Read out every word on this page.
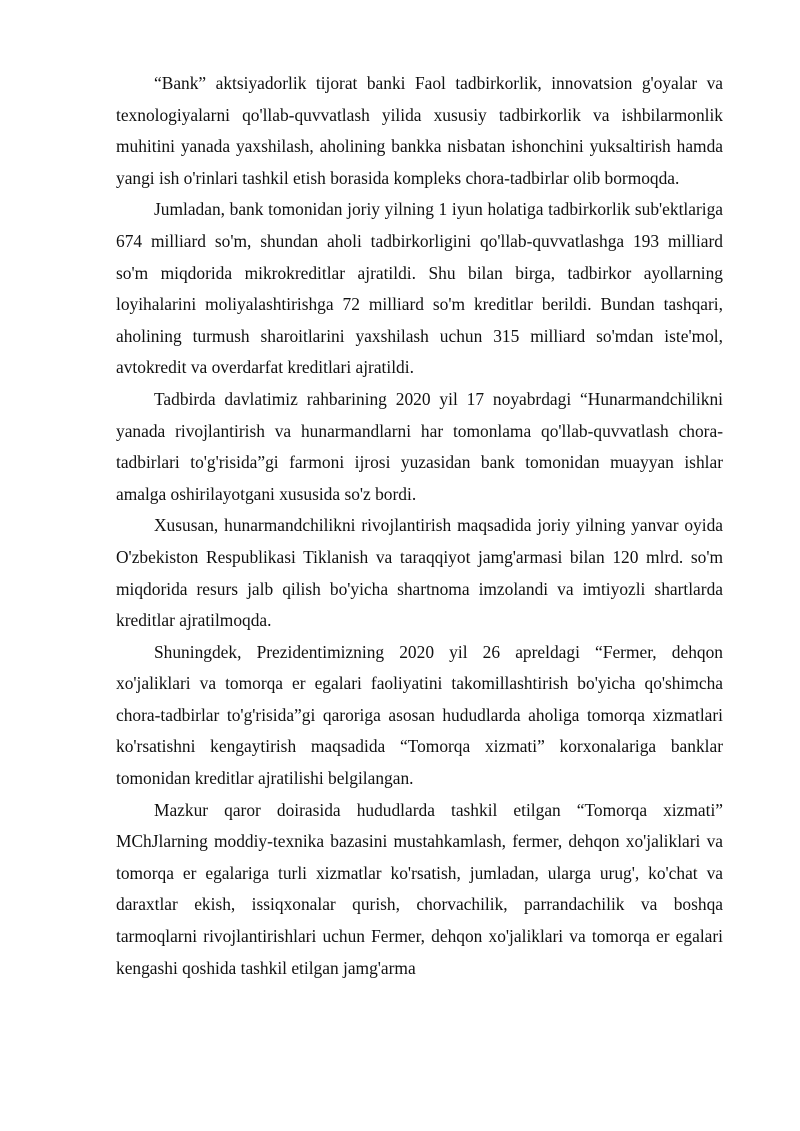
“Bank” aktsiyadorlik tijorat banki Faol tadbirkorlik, innovatsion g'oyalar va texnologiyalarni qo'llab-quvvatlash yilida xususiy tadbirkorlik va ishbilarmonlik muhitini yanada yaxshilash, aholining bankka nisbatan ishonchini yuksaltirish hamda yangi ish o'rinlari tashkil etish borasida kompleks chora-tadbirlar olib bormoqda.

Jumladan, bank tomonidan joriy yilning 1 iyun holatiga tadbirkorlik sub'ektlariga 674 milliard so'm, shundan aholi tadbirkorligini qo'llab-quvvatlashga 193 milliard so'm miqdorida mikrokreditlar ajratildi. Shu bilan birga, tadbirkor ayollarning loyihalarini moliyalashtirishga 72 milliard so'm kreditlar berildi. Bundan tashqari, aholining turmush sharoitlarini yaxshilash uchun 315 milliard so'mdan iste'mol, avtokredit va overdarfat kreditlari ajratildi.

Tadbirda davlatimiz rahbarining 2020 yil 17 noyabrdagi “Hunarmandchilikni yanada rivojlantirish va hunarmandlarni har tomonlama qo'llab-quvvatlash chora-tadbirlari to'g'risida”gi farmoni ijrosi yuzasidan bank tomonidan muayyan ishlar amalga oshirilayotgani xususida so'z bordi.

Xususan, hunarmandchilikni rivojlantirish maqsadida joriy yilning yanvar oyida O'zbekiston Respublikasi Tiklanish va taraqqiyot jamg'armasi bilan 120 mlrd. so'm miqdorida resurs jalb qilish bo'yicha shartnoma imzolandi va imtiyozli shartlarda kreditlar ajratilmoqda.

Shuningdek, Prezidentimizning 2020 yil 26 apreldagi “Fermer, dehqon xo'jaliklari va tomorqa er egalari faoliyatini takomillashtirish bo'yicha qo'shimcha chora-tadbirlar to'g'risida”gi qaroriga asosan hududlarda aholiga tomorqa xizmatlari ko'rsatishni kengaytirish maqsadida “Tomorqa xizmati” korxonalariga banklar tomonidan kreditlar ajratilishi belgilangan.

Mazkur qaror doirasida hududlarda tashkil etilgan “Tomorqa xizmati” MChJlarning moddiy-texnika bazasini mustahkamlash, fermer, dehqon xo'jaliklari va tomorqa er egalariga turli xizmatlar ko'rsatish, jumladan, ularga urug', ko'chat va daraxtlar ekish, issiqxonalar qurish, chorvachilik, parrandachilik va boshqa tarmoqlarni rivojlantirishlari uchun Fermer, dehqon xo'jaliklari va tomorqa er egalari kengashi qoshida tashkil etilgan jamg'arma
